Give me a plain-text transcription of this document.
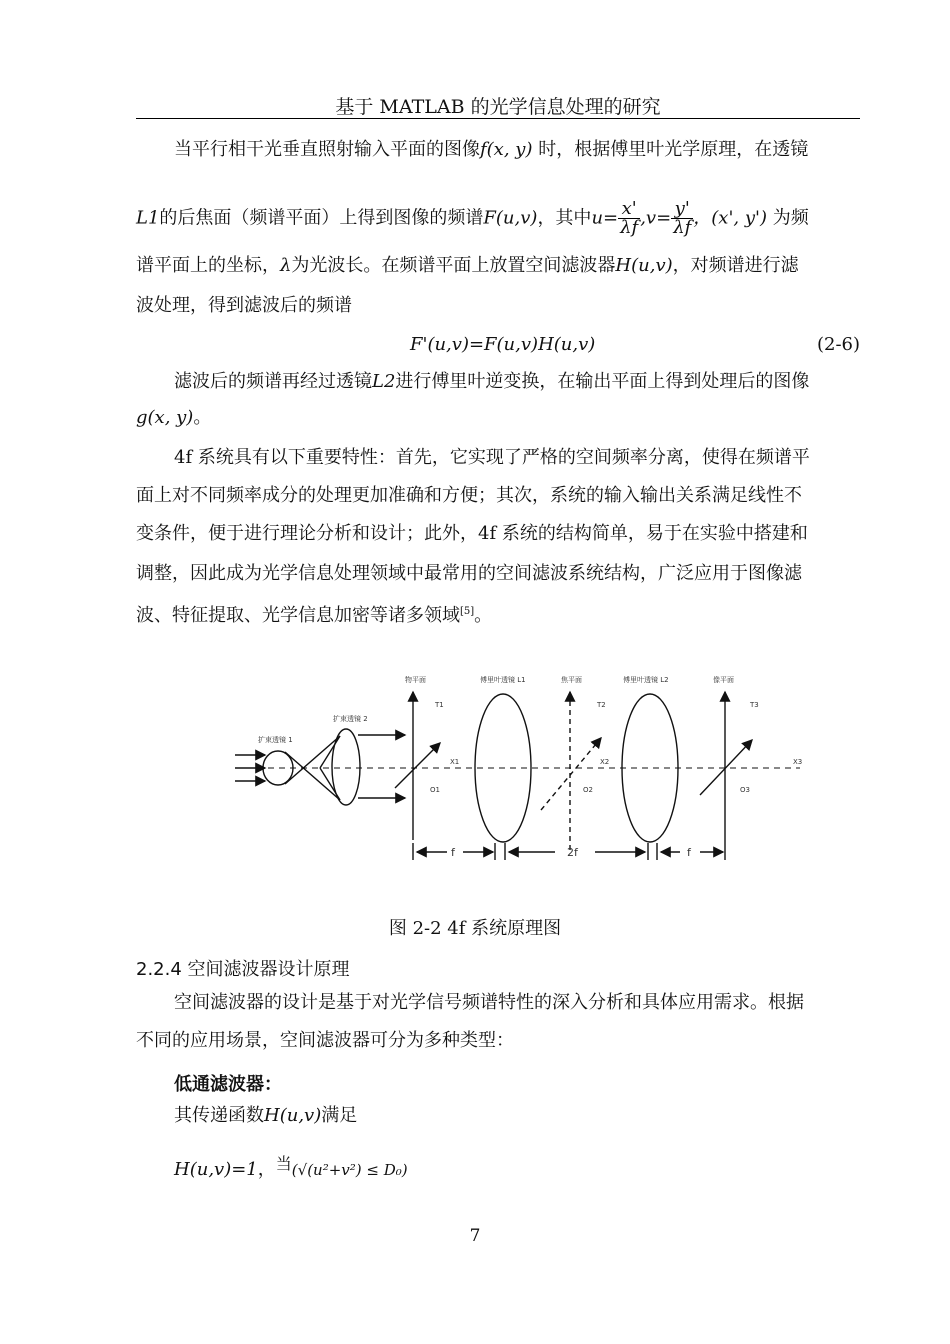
基于 MATLAB 的光学信息处理的研究
当平行相干光垂直照射输入平面的图像f(x, y) 时，根据傅里叶光学原理，在透镜
L1的后焦面（频谱平面）上得到图像的频谱F(u,v)，其中$u= \frac{x'}{\lambda f} ,v= \frac{y'}{\lambda f}$ ，(x', y') 为频
谱平面上的坐标，λ为光波长。在频谱平面上放置空间滤波器H(u,v)，对频谱进行滤
波处理，得到滤波后的频谱
F'(u,v)=F(u,v)H(u,v)	(2-6)
滤波后的频谱再经过透镜L2进行傅里叶逆变换，在输出平面上得到处理后的图像
g(x, y)。
4f 系统具有以下重要特性：首先，它实现了严格的空间频率分离，使得在频谱平
面上对不同频率成分的处理更加准确和方便；其次，系统的输入输出关系满足线性不
变条件，便于进行理论分析和设计；此外，4f 系统的结构简单，易于在实验中搭建和
调整，因此成为光学信息处理领域中最常用的空间滤波系统结构，广泛应用于图像滤
波、特征提取、光学信息加密等诸多领域[5]。
物平面	傅里叶透镜 L1	焦平面	傅里叶透镜 L2	像平面
扩束透镜 1
扩束透镜 2
T1	T2	T3
X1	X2	X3
O1	O2	O3
f	2f	f
图 2-2 4f 系统原理图
2.2.4 空间滤波器设计原理
空间滤波器的设计是基于对光学信号频谱特性的深入分析和具体应用需求。根据
不同的应用场景，空间滤波器可分为多种类型：
低通滤波器：
其传递函数H(u,v)满足
H(u,v)=1，当(√(u²+v²) ≤ D₀)
7
